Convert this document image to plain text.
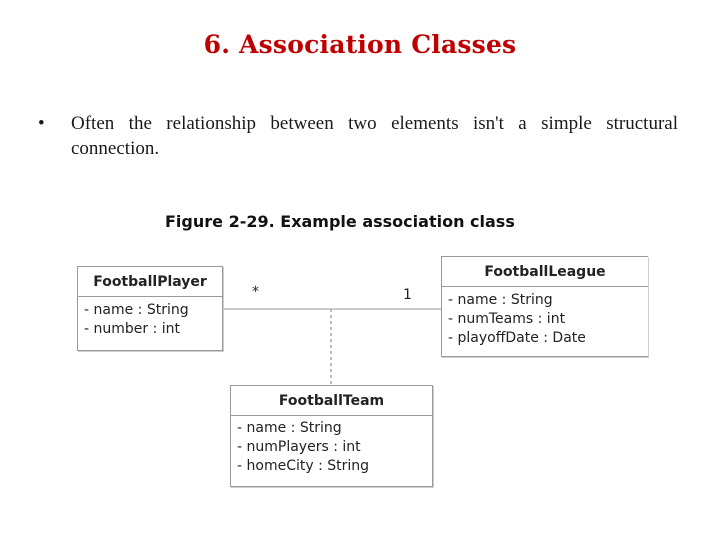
6. Association Classes
• Often the relationship between two elements isn't a simple structural connection.
Figure 2-29. Example association class
*	1
FootballPlayer
- name : String
- number : int
FootballLeague
- name : String
- numTeams : int
- playoffDate : Date
FootballTeam
- name : String
- numPlayers : int
- homeCity : String
